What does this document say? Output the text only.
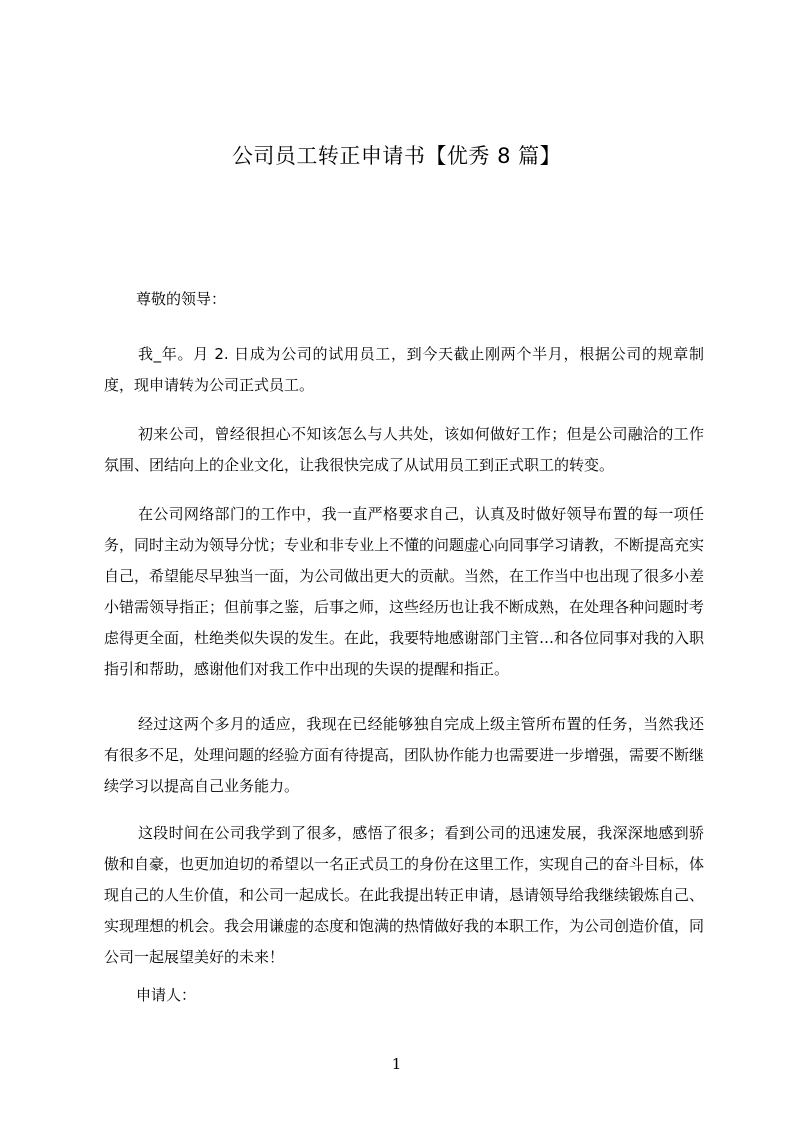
公司员工转正申请书【优秀 8 篇】

尊敬的领导：

我_年。月 2. 日成为公司的试用员工，到今天截止刚两个半月，根据公司的规章制度，现申请转为公司正式员工。

初来公司，曾经很担心不知该怎么与人共处，该如何做好工作；但是公司融洽的工作氛围、团结向上的企业文化，让我很快完成了从试用员工到正式职工的转变。

在公司网络部门的工作中，我一直严格要求自己，认真及时做好领导布置的每一项任务，同时主动为领导分忧；专业和非专业上不懂的问题虚心向同事学习请教，不断提高充实自己，希望能尽早独当一面，为公司做出更大的贡献。当然，在工作当中也出现了很多小差小错需领导指正；但前事之鉴，后事之师，这些经历也让我不断成熟，在处理各种问题时考虑得更全面，杜绝类似失误的发生。在此，我要特地感谢部门主管…和各位同事对我的入职指引和帮助，感谢他们对我工作中出现的失误的提醒和指正。

经过这两个多月的适应，我现在已经能够独自完成上级主管所布置的任务，当然我还有很多不足，处理问题的经验方面有待提高，团队协作能力也需要进一步增强，需要不断继续学习以提高自己业务能力。

这段时间在公司我学到了很多，感悟了很多；看到公司的迅速发展，我深深地感到骄傲和自豪，也更加迫切的希望以一名正式员工的身份在这里工作，实现自己的奋斗目标，体现自己的人生价值，和公司一起成长。在此我提出转正申请，恳请领导给我继续锻炼自己、实现理想的机会。我会用谦虚的态度和饱满的热情做好我的本职工作，为公司创造价值，同公司一起展望美好的未来！

申请人：

1
